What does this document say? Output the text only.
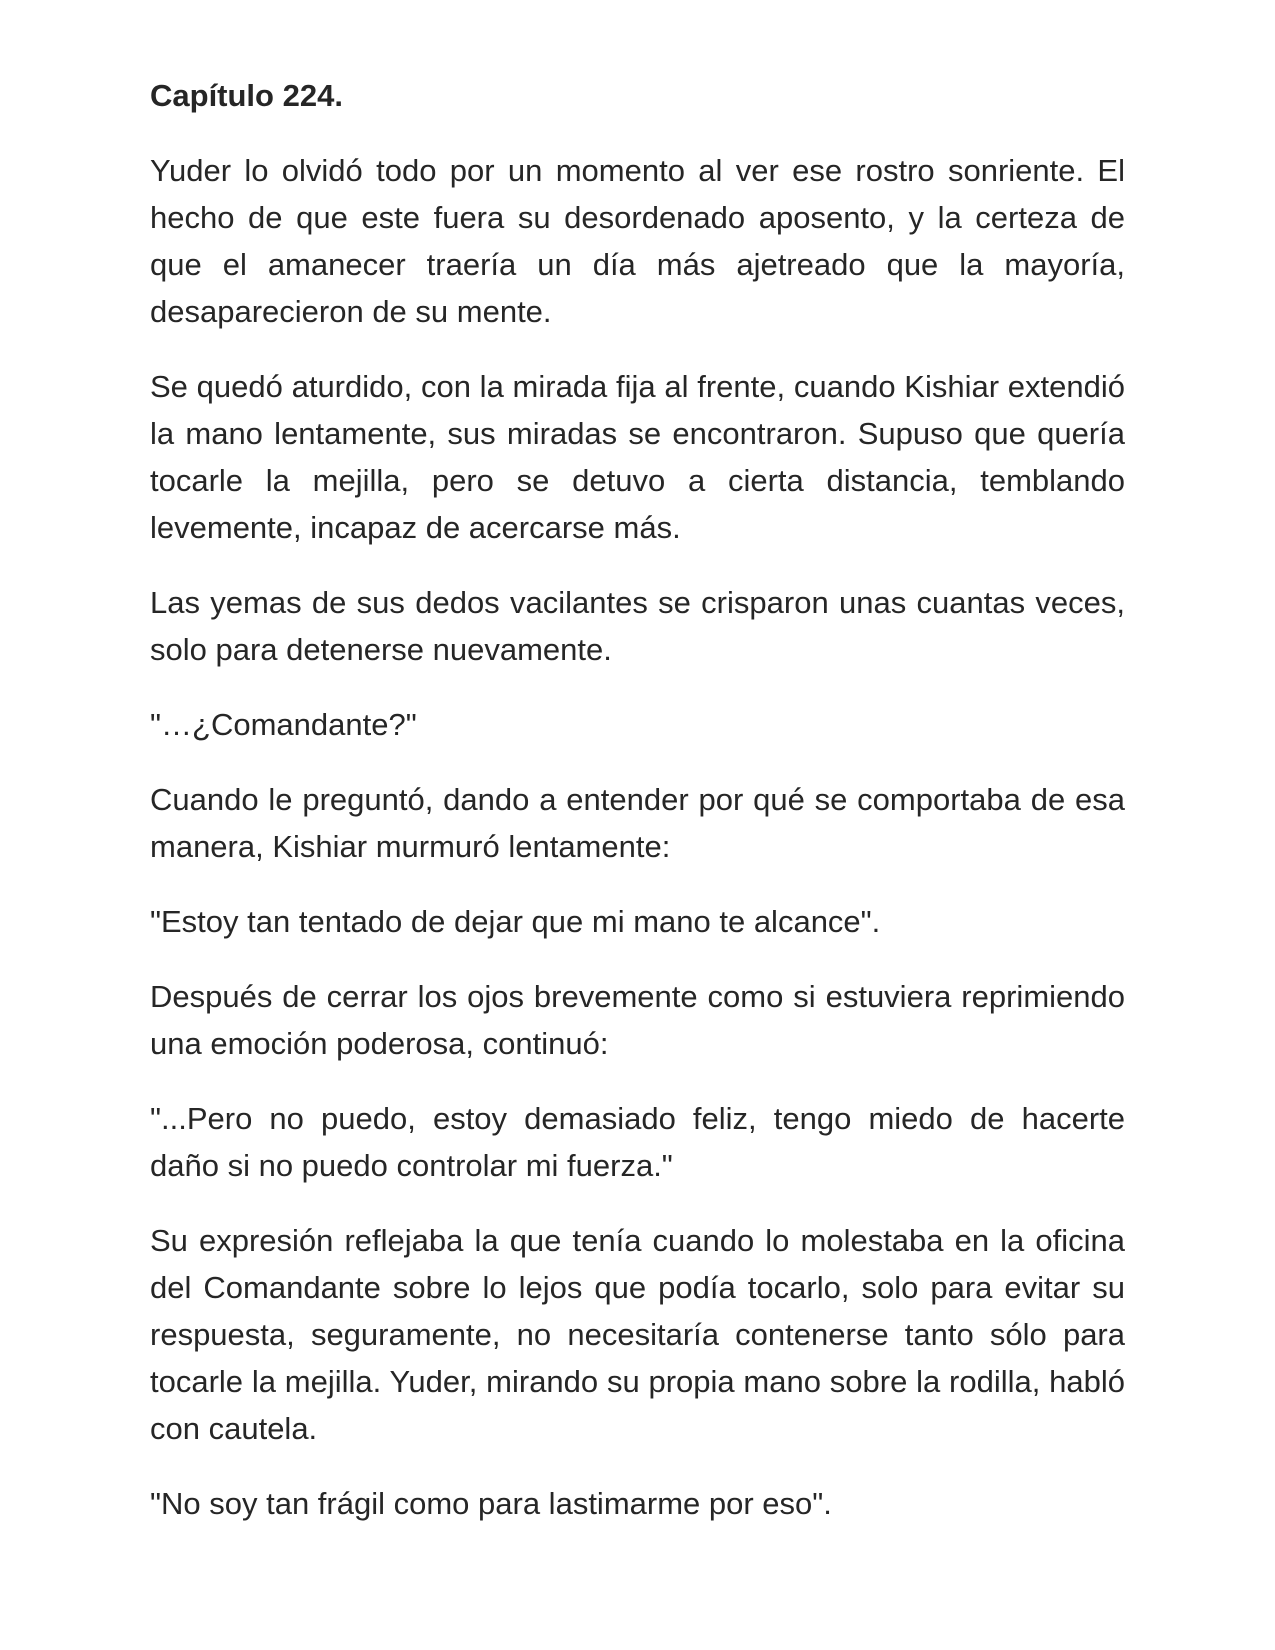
Capítulo 224.

Yuder lo olvidó todo por un momento al ver ese rostro sonriente. El hecho de que este fuera su desordenado aposento, y la certeza de que el amanecer traería un día más ajetreado que la mayoría, desaparecieron de su mente.

Se quedó aturdido, con la mirada fija al frente, cuando Kishiar extendió la mano lentamente, sus miradas se encontraron. Supuso que quería tocarle la mejilla, pero se detuvo a cierta distancia, temblando levemente, incapaz de acercarse más.

Las yemas de sus dedos vacilantes se crisparon unas cuantas veces, solo para detenerse nuevamente.

"…¿Comandante?"

Cuando le preguntó, dando a entender por qué se comportaba de esa manera, Kishiar murmuró lentamente:

"Estoy tan tentado de dejar que mi mano te alcance".

Después de cerrar los ojos brevemente como si estuviera reprimiendo una emoción poderosa, continuó:

"...Pero no puedo, estoy demasiado feliz, tengo miedo de hacerte daño si no puedo controlar mi fuerza."

Su expresión reflejaba la que tenía cuando lo molestaba en la oficina del Comandante sobre lo lejos que podía tocarlo, solo para evitar su respuesta, seguramente, no necesitaría contenerse tanto sólo para tocarle la mejilla. Yuder, mirando su propia mano sobre la rodilla, habló con cautela.

"No soy tan frágil como para lastimarme por eso".
